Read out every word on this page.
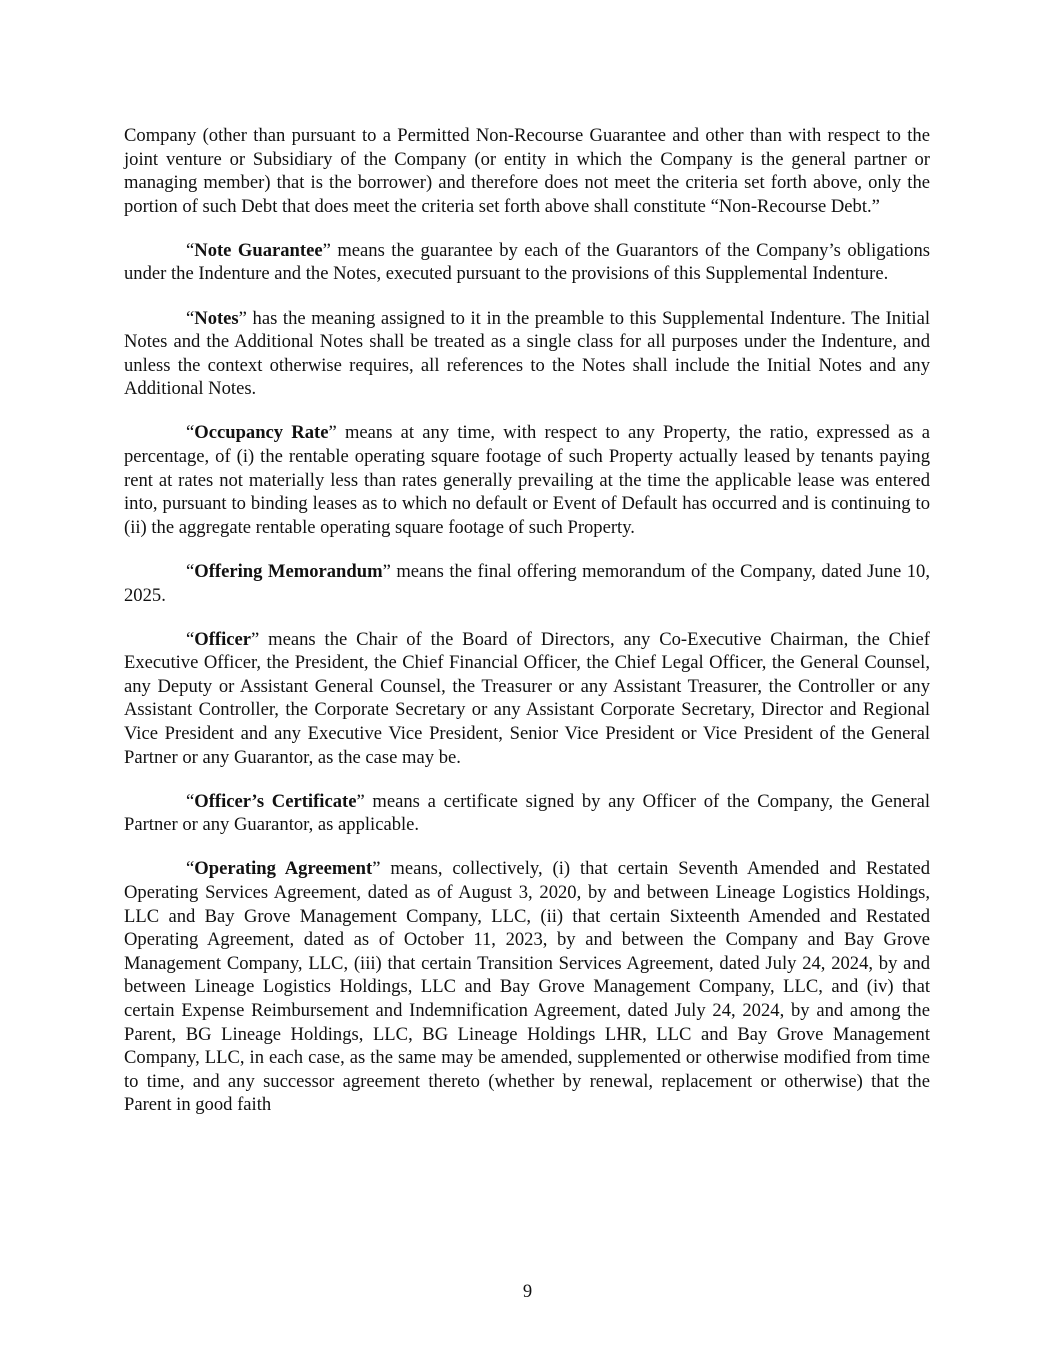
Company (other than pursuant to a Permitted Non-Recourse Guarantee and other than with respect to the joint venture or Subsidiary of the Company (or entity in which the Company is the general partner or managing member) that is the borrower) and therefore does not meet the criteria set forth above, only the portion of such Debt that does meet the criteria set forth above shall constitute “Non-Recourse Debt.”

“Note Guarantee” means the guarantee by each of the Guarantors of the Company’s obligations under the Indenture and the Notes, executed pursuant to the provisions of this Supplemental Indenture.

“Notes” has the meaning assigned to it in the preamble to this Supplemental Indenture. The Initial Notes and the Additional Notes shall be treated as a single class for all purposes under the Indenture, and unless the context otherwise requires, all references to the Notes shall include the Initial Notes and any Additional Notes.

“Occupancy Rate” means at any time, with respect to any Property, the ratio, expressed as a percentage, of (i) the rentable operating square footage of such Property actually leased by tenants paying rent at rates not materially less than rates generally prevailing at the time the applicable lease was entered into, pursuant to binding leases as to which no default or Event of Default has occurred and is continuing to (ii) the aggregate rentable operating square footage of such Property.

“Offering Memorandum” means the final offering memorandum of the Company, dated June 10, 2025.

“Officer” means the Chair of the Board of Directors, any Co-Executive Chairman, the Chief Executive Officer, the President, the Chief Financial Officer, the Chief Legal Officer, the General Counsel, any Deputy or Assistant General Counsel, the Treasurer or any Assistant Treasurer, the Controller or any Assistant Controller, the Corporate Secretary or any Assistant Corporate Secretary, Director and Regional Vice President and any Executive Vice President, Senior Vice President or Vice President of the General Partner or any Guarantor, as the case may be.

“Officer’s Certificate” means a certificate signed by any Officer of the Company, the General Partner or any Guarantor, as applicable.

“Operating Agreement” means, collectively, (i) that certain Seventh Amended and Restated Operating Services Agreement, dated as of August 3, 2020, by and between Lineage Logistics Holdings, LLC and Bay Grove Management Company, LLC, (ii) that certain Sixteenth Amended and Restated Operating Agreement, dated as of October 11, 2023, by and between the Company and Bay Grove Management Company, LLC, (iii) that certain Transition Services Agreement, dated July 24, 2024, by and between Lineage Logistics Holdings, LLC and Bay Grove Management Company, LLC, and (iv) that certain Expense Reimbursement and Indemnification Agreement, dated July 24, 2024, by and among the Parent, BG Lineage Holdings, LLC, BG Lineage Holdings LHR, LLC and Bay Grove Management Company, LLC, in each case, as the same may be amended, supplemented or otherwise modified from time to time, and any successor agreement thereto (whether by renewal, replacement or otherwise) that the Parent in good faith

9
